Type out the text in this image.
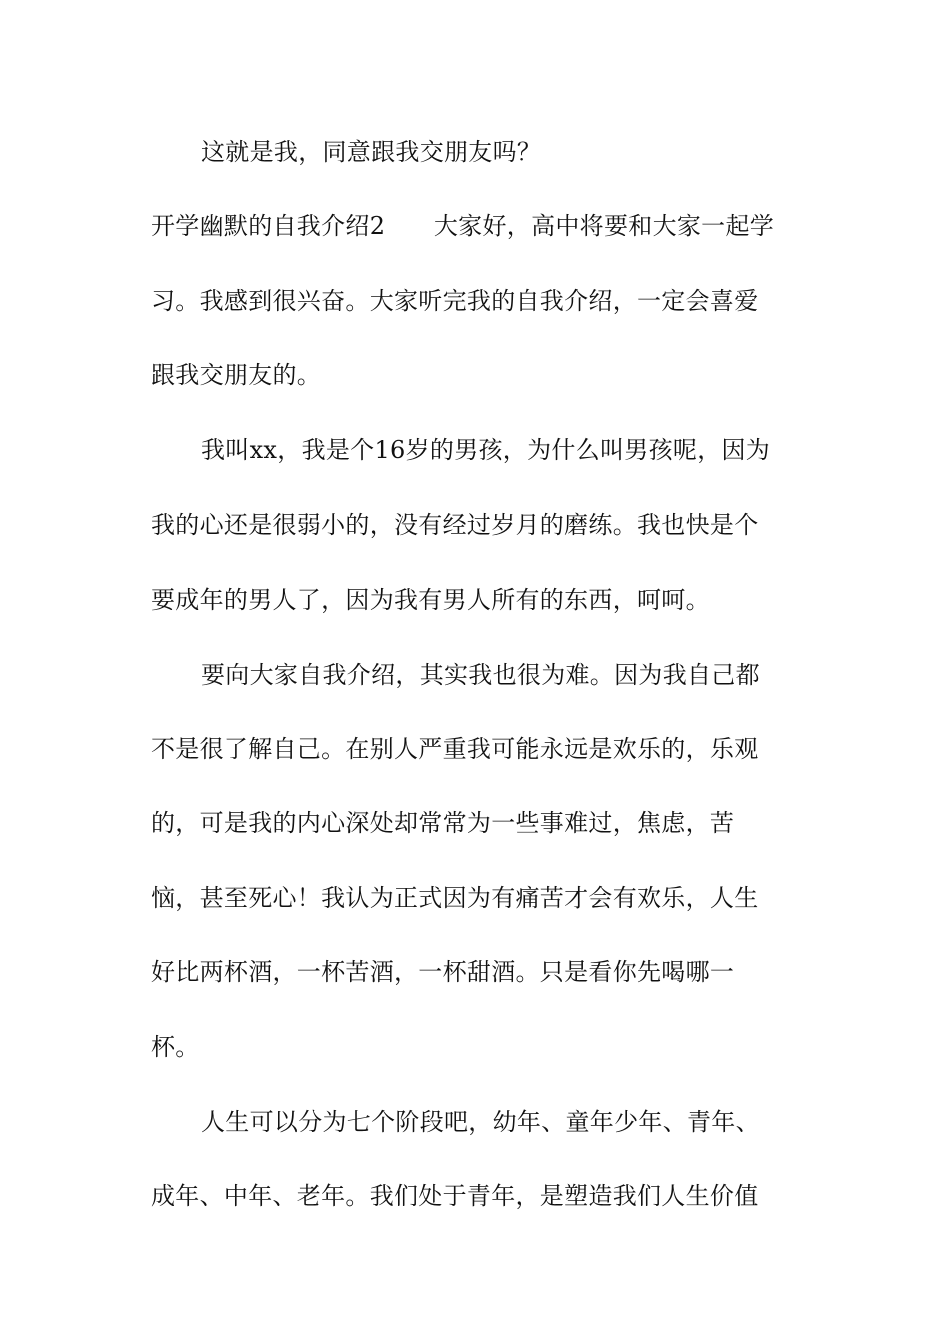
这就是我，同意跟我交朋友吗？
开学幽默的自我介绍2　　大家好，高中将要和大家一起学
习。我感到很兴奋。大家听完我的自我介绍，一定会喜爱
跟我交朋友的。
我叫xx，我是个16岁的男孩，为什么叫男孩呢，因为
我的心还是很弱小的，没有经过岁月的磨练。我也快是个
要成年的男人了，因为我有男人所有的东西，呵呵。
要向大家自我介绍，其实我也很为难。因为我自己都
不是很了解自己。在别人严重我可能永远是欢乐的，乐观
的，可是我的内心深处却常常为一些事难过，焦虑，苦
恼，甚至死心！我认为正式因为有痛苦才会有欢乐，人生
好比两杯酒，一杯苦酒，一杯甜酒。只是看你先喝哪一
杯。
人生可以分为七个阶段吧，幼年、童年少年、青年、
成年、中年、老年。我们处于青年，是塑造我们人生价值
